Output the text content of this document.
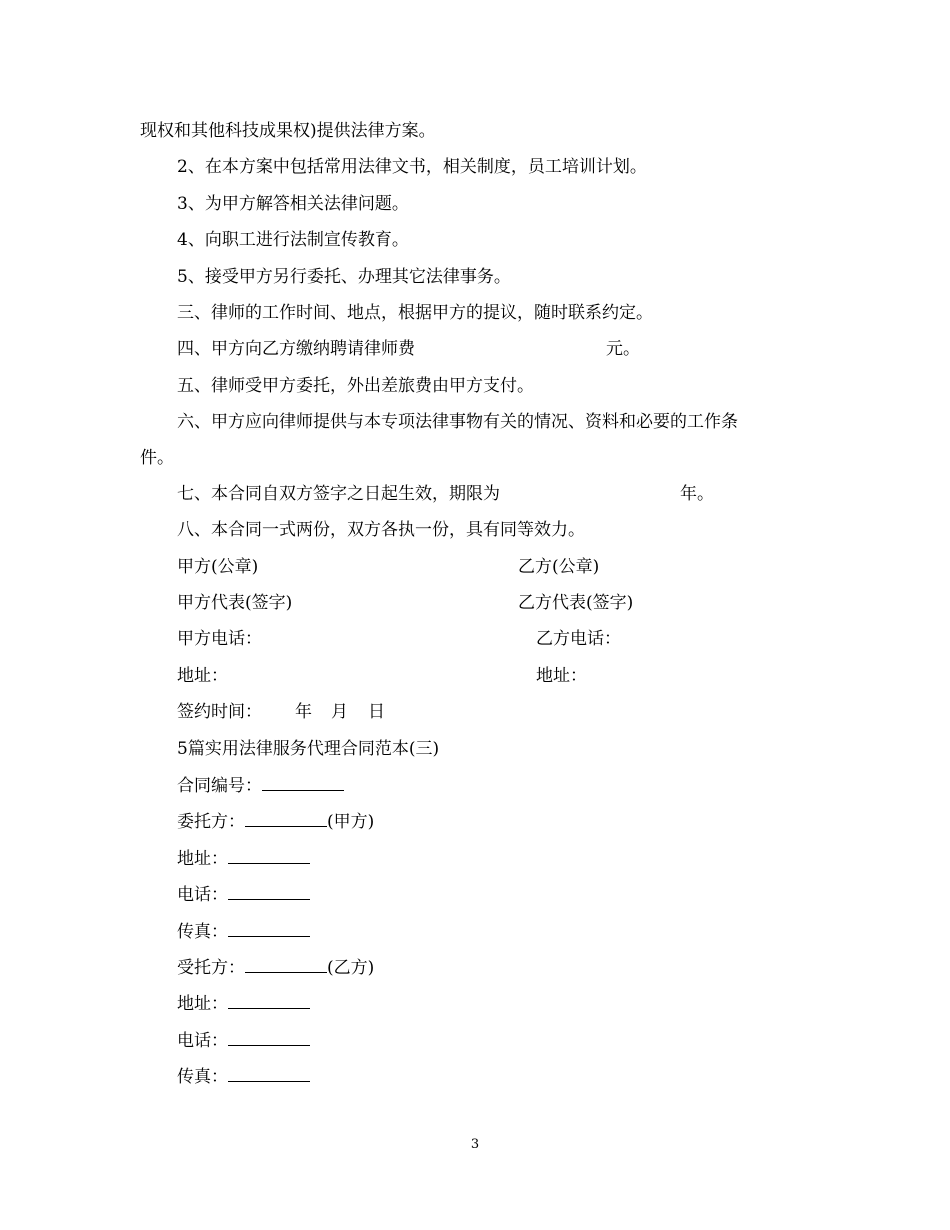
现权和其他科技成果权)提供法律方案。
2、在本方案中包括常用法律文书，相关制度，员工培训计划。
3、为甲方解答相关法律问题。
4、向职工进行法制宣传教育。
5、接受甲方另行委托、办理其它法律事务。
三、律师的工作时间、地点，根据甲方的提议，随时联系约定。
四、甲方向乙方缴纳聘请律师费	元。
五、律师受甲方委托，外出差旅费由甲方支付。
六、甲方应向律师提供与本专项法律事物有关的情况、资料和必要的工作条
件。
七、本合同自双方签字之日起生效，期限为	年。
八、本合同一式两份，双方各执一份，具有同等效力。
甲方(公章)	乙方(公章)
甲方代表(签字)	乙方代表(签字)
甲方电话：	乙方电话：
地址：	地址：
签约时间： 年 月 日
5篇实用法律服务代理合同范本(三)
合同编号：
委托方：	(甲方)
地址：
电话：
传真：
受托方：	(乙方)
地址：
电话：
传真：
3
